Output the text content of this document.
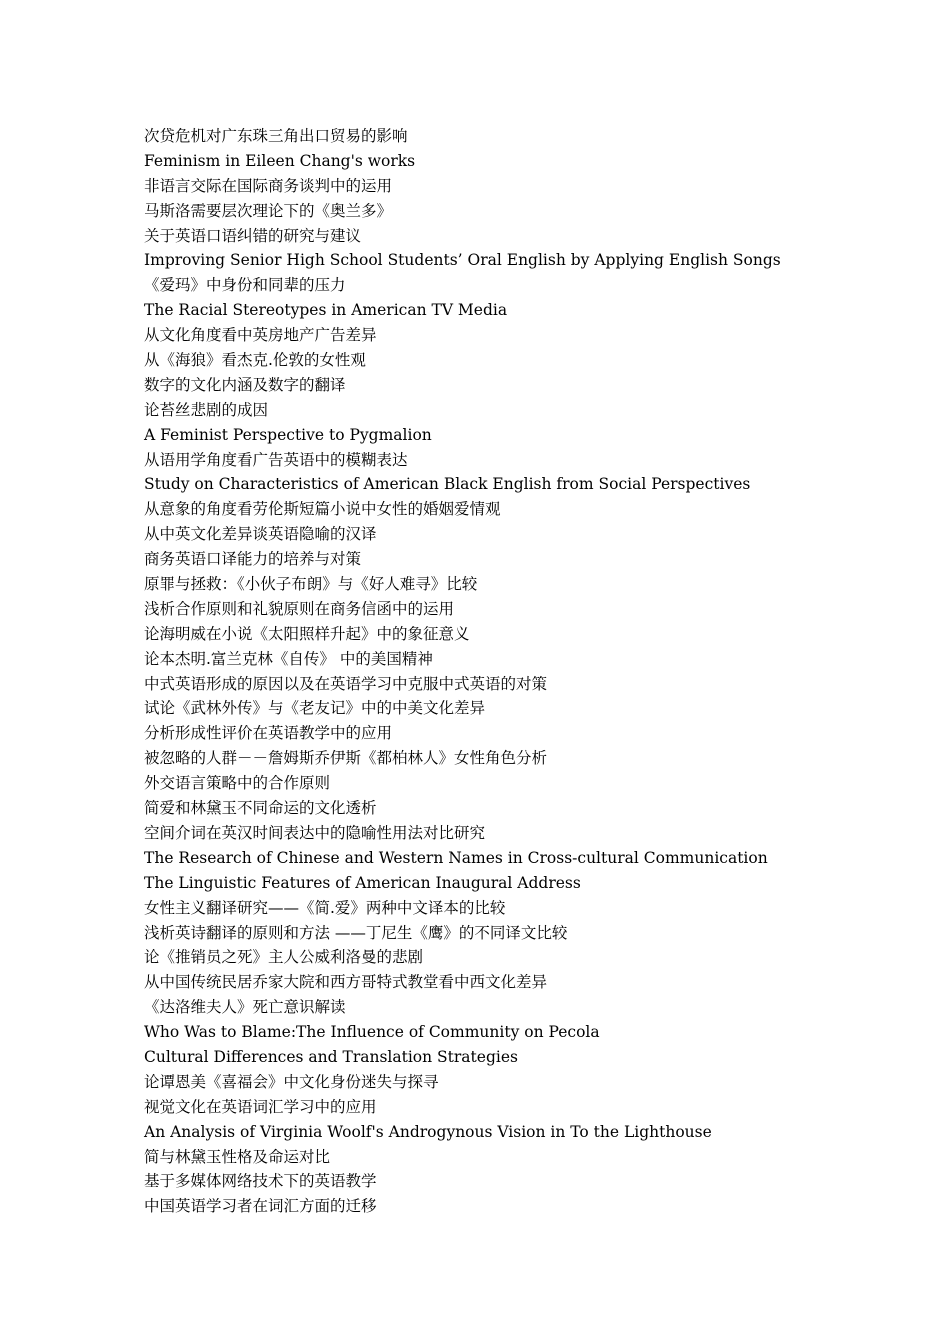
次贷危机对广东珠三角出口贸易的影响
Feminism in Eileen Chang's works
非语言交际在国际商务谈判中的运用
马斯洛需要层次理论下的《奥兰多》
关于英语口语纠错的研究与建议
Improving Senior High School Students’ Oral English by Applying English Songs
《爱玛》中身份和同辈的压力
The Racial Stereotypes in American TV Media
从文化角度看中英房地产广告差异
从《海狼》看杰克.伦敦的女性观
数字的文化内涵及数字的翻译
论苔丝悲剧的成因
A Feminist Perspective to Pygmalion
从语用学角度看广告英语中的模糊表达
Study on Characteristics of American Black English from Social Perspectives
从意象的角度看劳伦斯短篇小说中女性的婚姻爱情观
从中英文化差异谈英语隐喻的汉译
商务英语口译能力的培养与对策
原罪与拯救：《小伙子布朗》与《好人难寻》比较
浅析合作原则和礼貌原则在商务信函中的运用
论海明威在小说《太阳照样升起》中的象征意义
论本杰明.富兰克林《自传》 中的美国精神
中式英语形成的原因以及在英语学习中克服中式英语的对策
试论《武林外传》与《老友记》中的中美文化差异
分析形成性评价在英语教学中的应用
被忽略的人群－－詹姆斯乔伊斯《都柏林人》女性角色分析
外交语言策略中的合作原则
简爱和林黛玉不同命运的文化透析
空间介词在英汉时间表达中的隐喻性用法对比研究
The Research of Chinese and Western Names in Cross-cultural Communication
The Linguistic Features of American Inaugural Address
女性主义翻译研究——《简.爱》两种中文译本的比较
浅析英诗翻译的原则和方法 ——丁尼生《鹰》的不同译文比较
论《推销员之死》主人公威利洛曼的悲剧
从中国传统民居乔家大院和西方哥特式教堂看中西文化差异
《达洛维夫人》死亡意识解读
Who Was to Blame:The Influence of Community on Pecola
Cultural Differences and Translation Strategies
论谭恩美《喜福会》中文化身份迷失与探寻
视觉文化在英语词汇学习中的应用
An Analysis of Virginia Woolf's Androgynous Vision in To the Lighthouse
简与林黛玉性格及命运对比
基于多媒体网络技术下的英语教学
中国英语学习者在词汇方面的迁移
